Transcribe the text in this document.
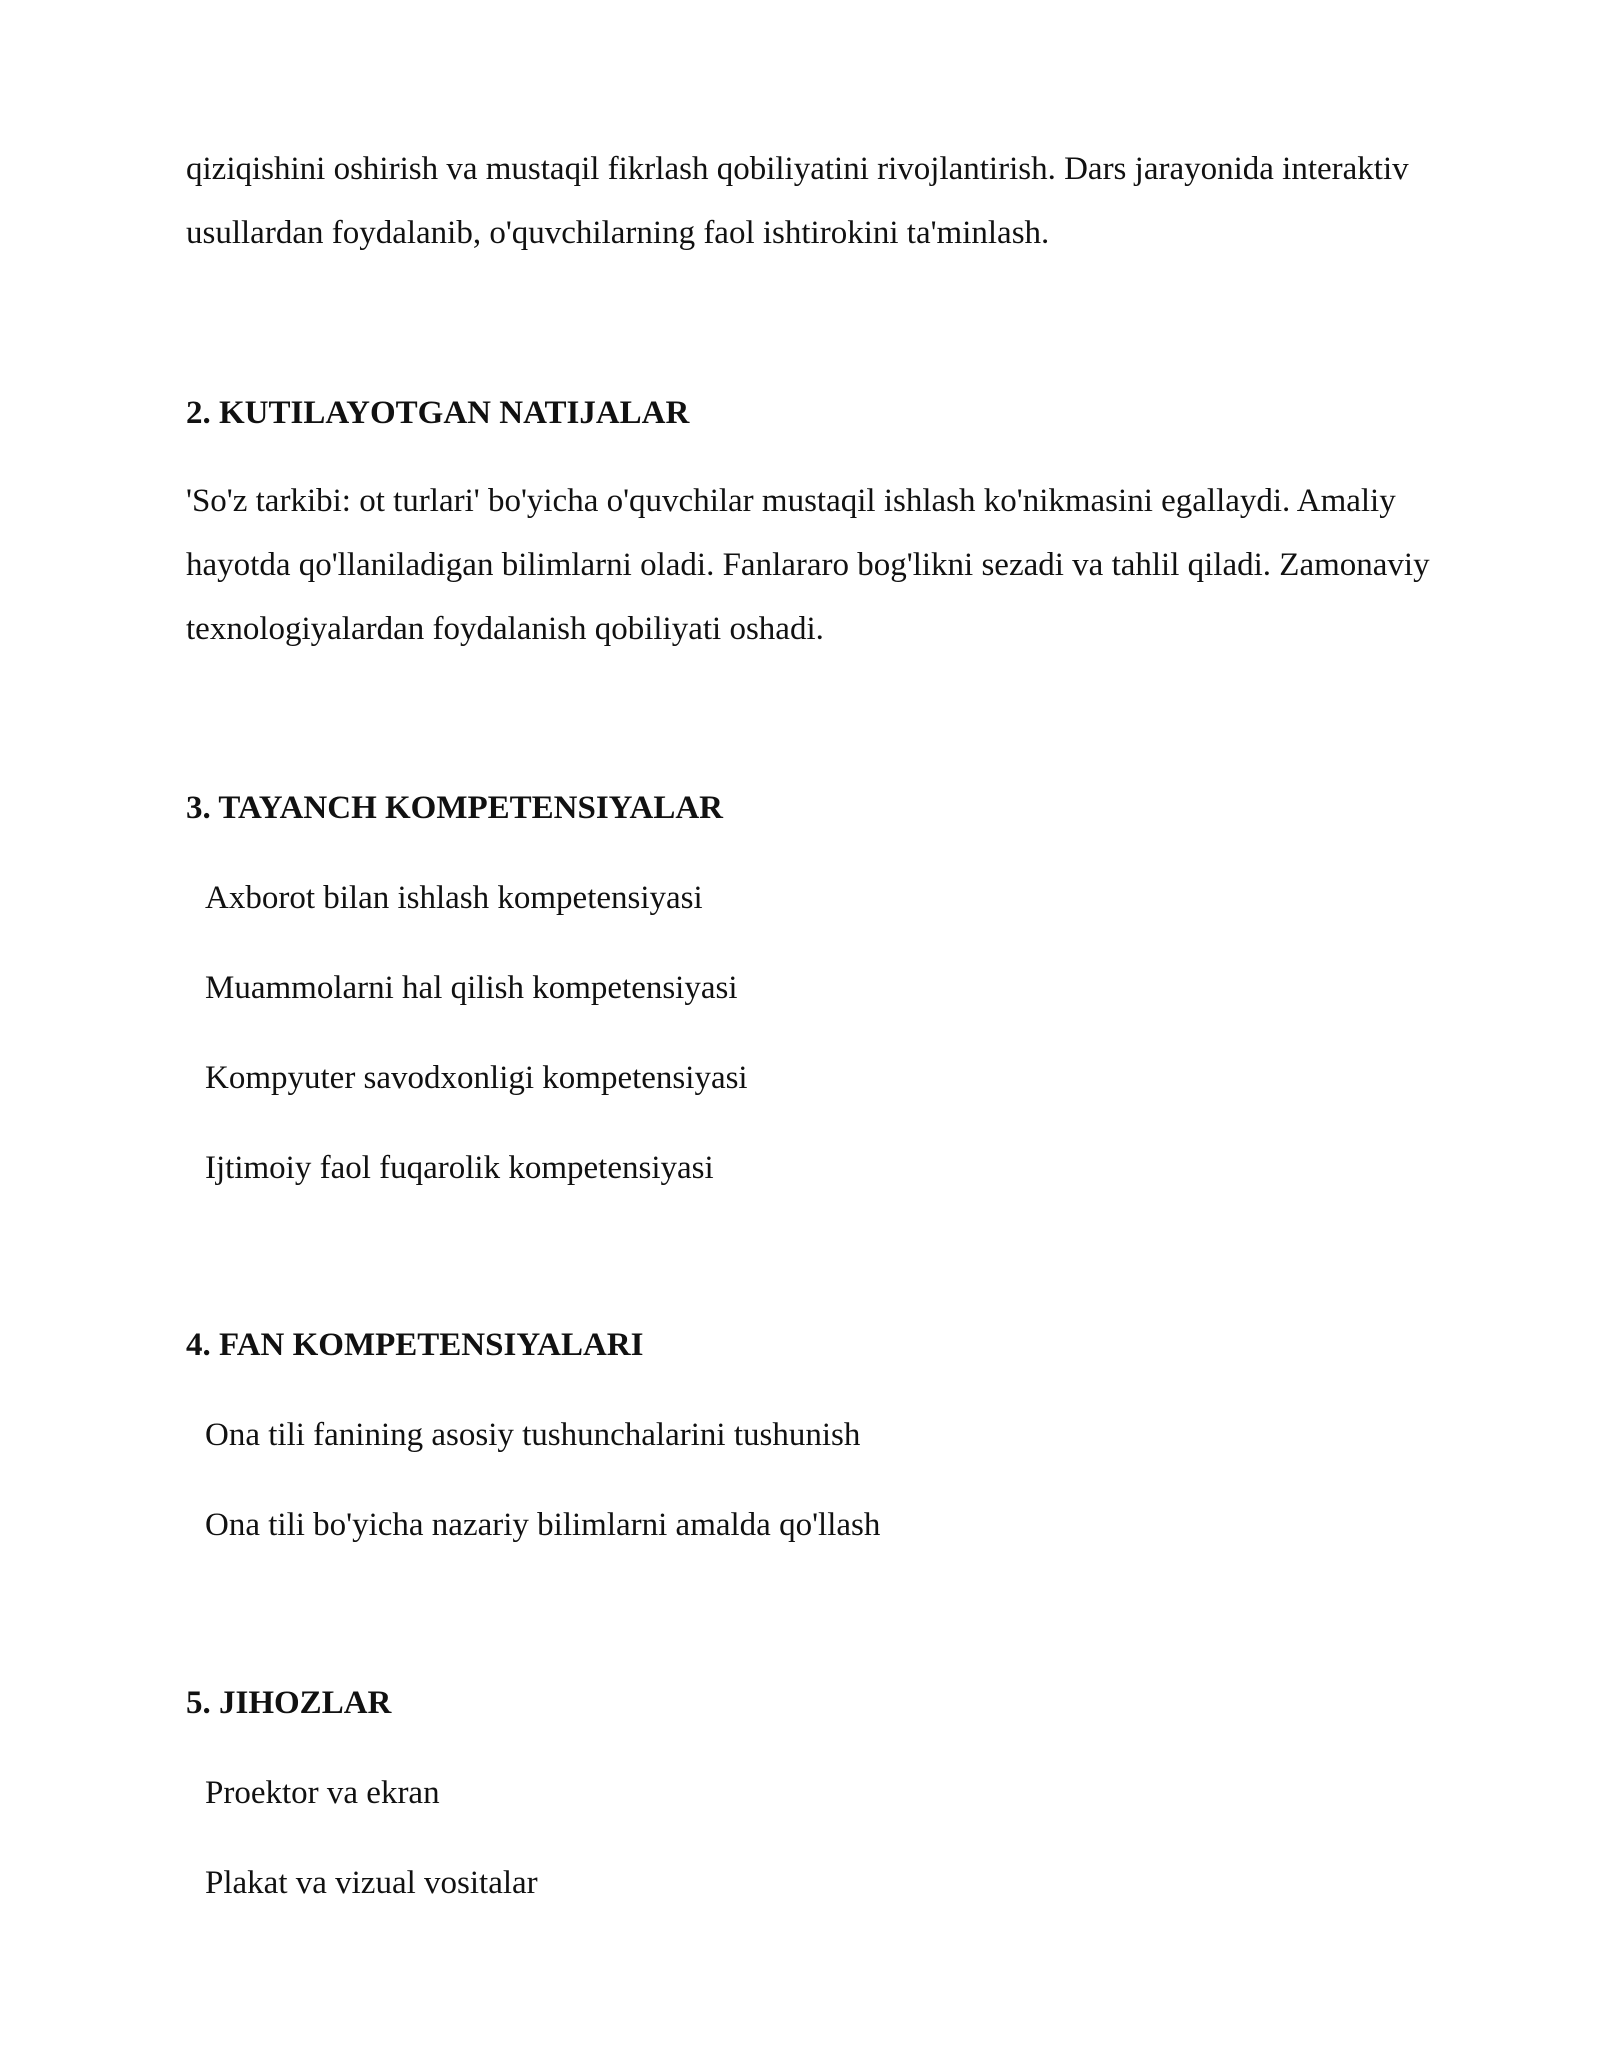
qiziqishini oshirish va mustaqil fikrlash qobiliyatini rivojlantirish. Dars jarayonida interaktiv usullardan foydalanib, o'quvchilarning faol ishtirokini ta'minlash.

2. KUTILAYOTGAN NATIJALAR

'So'z tarkibi: ot turlari' bo'yicha o'quvchilar mustaqil ishlash ko'nikmasini egallaydi. Amaliy hayotda qo'llaniladigan bilimlarni oladi. Fanlararo bog'likni sezadi va tahlil qiladi. Zamonaviy texnologiyalardan foydalanish qobiliyati oshadi.

3. TAYANCH KOMPETENSIYALAR

Axborot bilan ishlash kompetensiyasi

Muammolarni hal qilish kompetensiyasi

Kompyuter savodxonligi kompetensiyasi

Ijtimoiy faol fuqarolik kompetensiyasi

4. FAN KOMPETENSIYALARI

Ona tili fanining asosiy tushunchalarini tushunish

Ona tili bo'yicha nazariy bilimlarni amalda qo'llash

5. JIHOZLAR

Proektor va ekran

Plakat va vizual vositalar
